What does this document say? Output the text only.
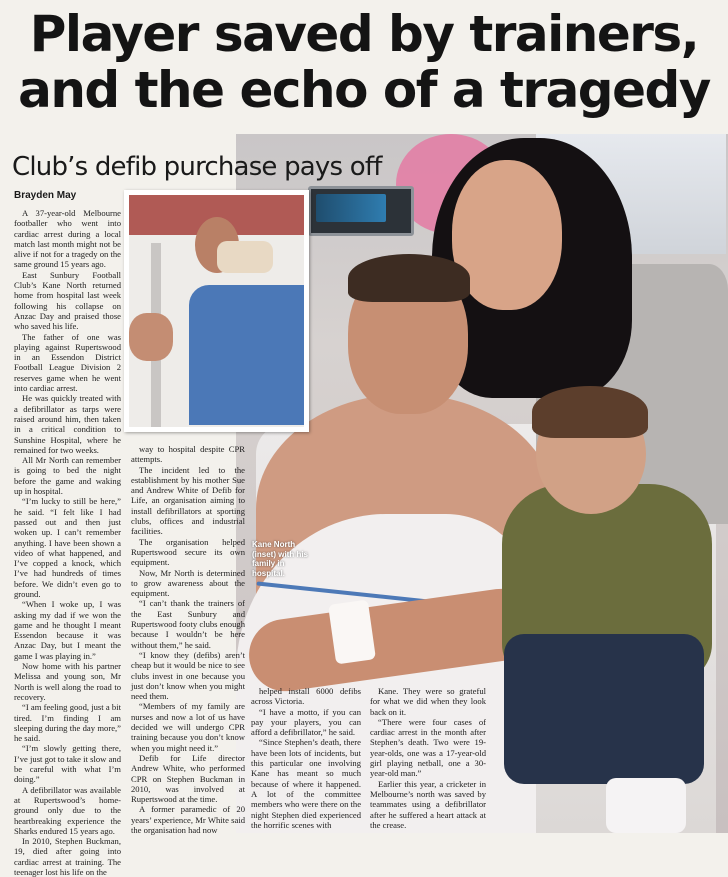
Player saved by trainers, and the echo of a tragedy
Club’s defib purchase pays off
Brayden May
Kane North (inset) with his family in hospital.

A 37-year-old Melbourne footballer who went into cardiac arrest during a local match last month might not be alive if not for a tragedy on the same ground 15 years ago.

East Sunbury Football Club’s Kane North returned home from hospital last week following his collapse on Anzac Day and praised those who saved his life.

The father of one was playing against Rupertswood in an Essendon District Football League Division 2 reserves game when he went into cardiac arrest.

He was quickly treated with a defibrillator as tarps were raised around him, then taken in a critical condition to Sunshine Hospital, where he remained for two weeks.

All Mr North can remember is going to bed the night before the game and waking up in hospital.

“I’m lucky to still be here,” he said. “I felt like I had passed out and then just woken up. I can’t remember anything. I have been shown a video of what happened, and I’ve copped a knock, which I’ve had hundreds of times before. We didn’t even go to ground.

“When I woke up, I was asking my dad if we won the game and he thought I meant Essendon because it was Anzac Day, but I meant the game I was playing in.”

Now home with his partner Melissa and young son, Mr North is well along the road to recovery.

“I am feeling good, just a bit tired. I’m finding I am sleeping during the day more,” he said.

“I’m slowly getting there, I’ve just got to take it slow and be careful with what I’m doing.”

A defibrillator was available at Rupertswood’s home-ground only due to the heartbreaking experience the Sharks endured 15 years ago.

In 2010, Stephen Buckman, 19, died after going into cardiac arrest at training. The teenager lost his life on the

way to hospital despite CPR attempts.

The incident led to the establishment by his mother Sue and Andrew White of Defib for Life, an organisation aiming to install defibrillators at sporting clubs, offices and industrial facilities.

The organisation helped Rupertswood secure its own equipment.

Now, Mr North is determined to grow awareness about the equipment.

“I can’t thank the trainers of the East Sunbury and Rupertswood footy clubs enough because I wouldn’t be here without them,” he said.

“I know they (defibs) aren’t cheap but it would be nice to see clubs invest in one because you just don’t know when you might need them.

“Members of my family are nurses and now a lot of us have decided we will undergo CPR training because you don’t know when you might need it.”

Defib for Life director Andrew White, who performed CPR on Stephen Buckman in 2010, was involved at Rupertswood at the time.

A former paramedic of 20 years’ experience, Mr White said the organisation had now

helped install 6000 defibs across Victoria.

“I have a motto, if you can pay your players, you can afford a defibrillator,” he said.

“Since Stephen’s death, there have been lots of incidents, but this particular one involving Kane has meant so much because of where it happened. A lot of the committee members who were there on the night Stephen died experienced the horrific scenes with

Kane. They were so grateful for what we did when they look back on it.

“There were four cases of cardiac arrest in the month after Stephen’s death. Two were 19-year-olds, one was a 17-year-old girl playing netball, one a 30-year-old man.”

Earlier this year, a cricketer in Melbourne’s north was saved by teammates using a defibrillator after he suffered a heart attack at the crease.
